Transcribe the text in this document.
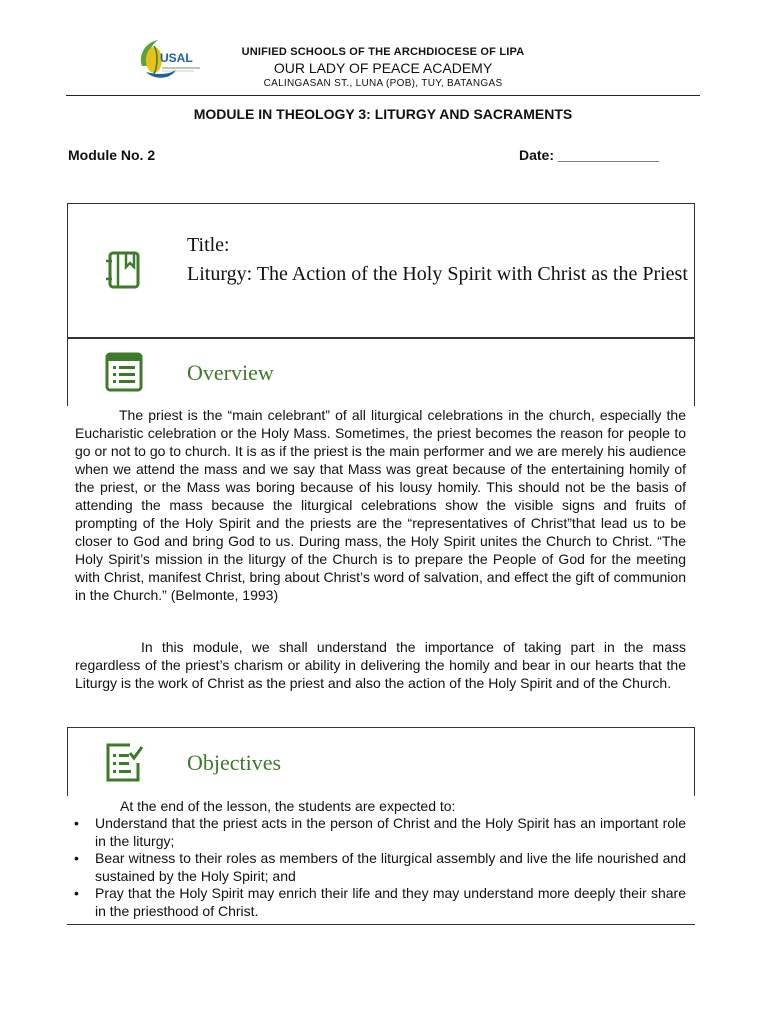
USAL	UNIFIED SCHOOLS OF THE ARCHDIOCESE OF LIPA
OUR LADY OF PEACE ACADEMY
CALINGASAN ST., LUNA (POB), TUY, BATANGAS
MODULE IN THEOLOGY 3: LITURGY AND SACRAMENTS
Module No. 2	Date: _____________
Title:
Liturgy: The Action of the Holy Spirit with Christ as the Priest
Overview

The priest is the “main celebrant” of all liturgical celebrations in the church, especially the Eucharistic celebration or the Holy Mass. Sometimes, the priest becomes the reason for people to go or not to go to church. It is as if the priest is the main performer and we are merely his audience when we attend the mass and we say that Mass was great because of the entertaining homily of the priest, or the Mass was boring because of his lousy homily. This should not be the basis of attending the mass because the liturgical celebrations show the visible signs and fruits of prompting of the Holy Spirit and the priests are the “representatives of Christ”that lead us to be closer to God and bring God to us. During mass, the Holy Spirit unites the Church to Christ. “The Holy Spirit’s mission in the liturgy of the Church is to prepare the People of God for the meeting with Christ, manifest Christ, bring about Christ’s word of salvation, and effect the gift of communion in the Church.” (Belmonte, 1993)

In this module, we shall understand the importance of taking part in the mass regardless of the priest’s charism or ability in delivering the homily and bear in our hearts that the Liturgy is the work of Christ as the priest and also the action of the Holy Spirit and of the Church.

Objectives
At the end of the lesson, the students are expected to:
• Understand that the priest acts in the person of Christ and the Holy Spirit has an important role in the liturgy;
• Bear witness to their roles as members of the liturgical assembly and live the life nourished and sustained by the Holy Spirit; and
• Pray that the Holy Spirit may enrich their life and they may understand more deeply their share in the priesthood of Christ.
